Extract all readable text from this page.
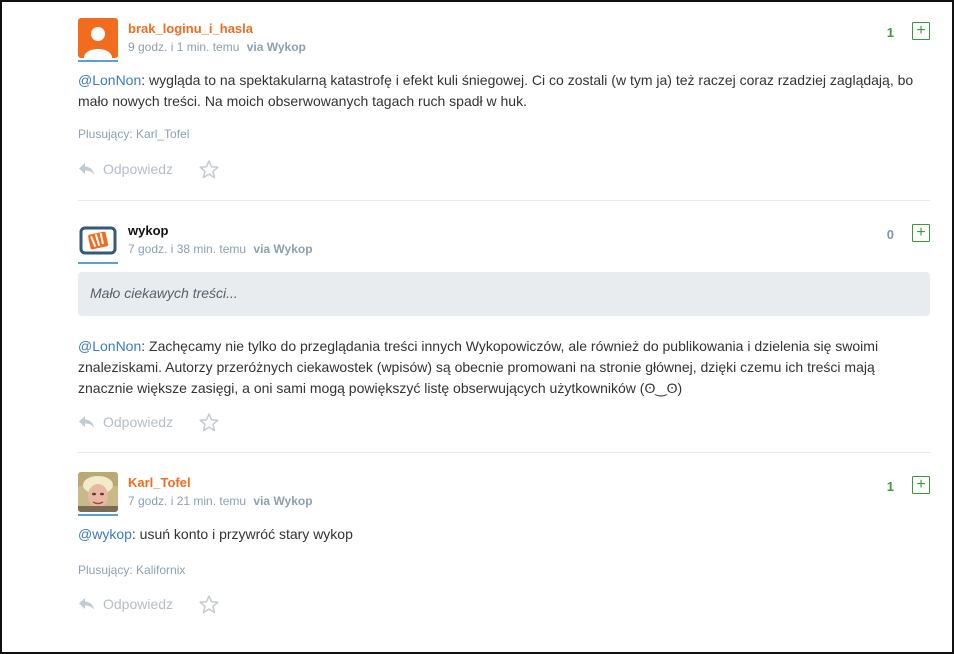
brak_loginu_i_hasla
9 godz. i 1 min. temu via Wykop
1 +
@LonNon: wygląda to na spektakularną katastrofę i efekt kuli śniegowej. Ci co zostali (w tym ja) też raczej coraz rzadziej zaglądają, bo mało nowych treści. Na moich obserwowanych tagach ruch spadł w huk.
Plusujący: Karl_Tofel
Odpowiedz
wykop
7 godz. i 38 min. temu via Wykop
0 +
Mało ciekawych treści...
@LonNon: Zachęcamy nie tylko do przeglądania treści innych Wykopowiczów, ale również do publikowania i dzielenia się swoimi znaleziskami. Autorzy przeróżnych ciekawostek (wpisów) są obecnie promowani na stronie głównej, dzięki czemu ich treści mają znacznie większe zasięgi, a oni sami mogą powiększyć listę obserwujących użytkowników (ʘ‿ʘ)
Odpowiedz
Karl_Tofel
7 godz. i 21 min. temu via Wykop
1 +
@wykop: usuń konto i przywróć stary wykop
Plusujący: Kalifornix
Odpowiedz
